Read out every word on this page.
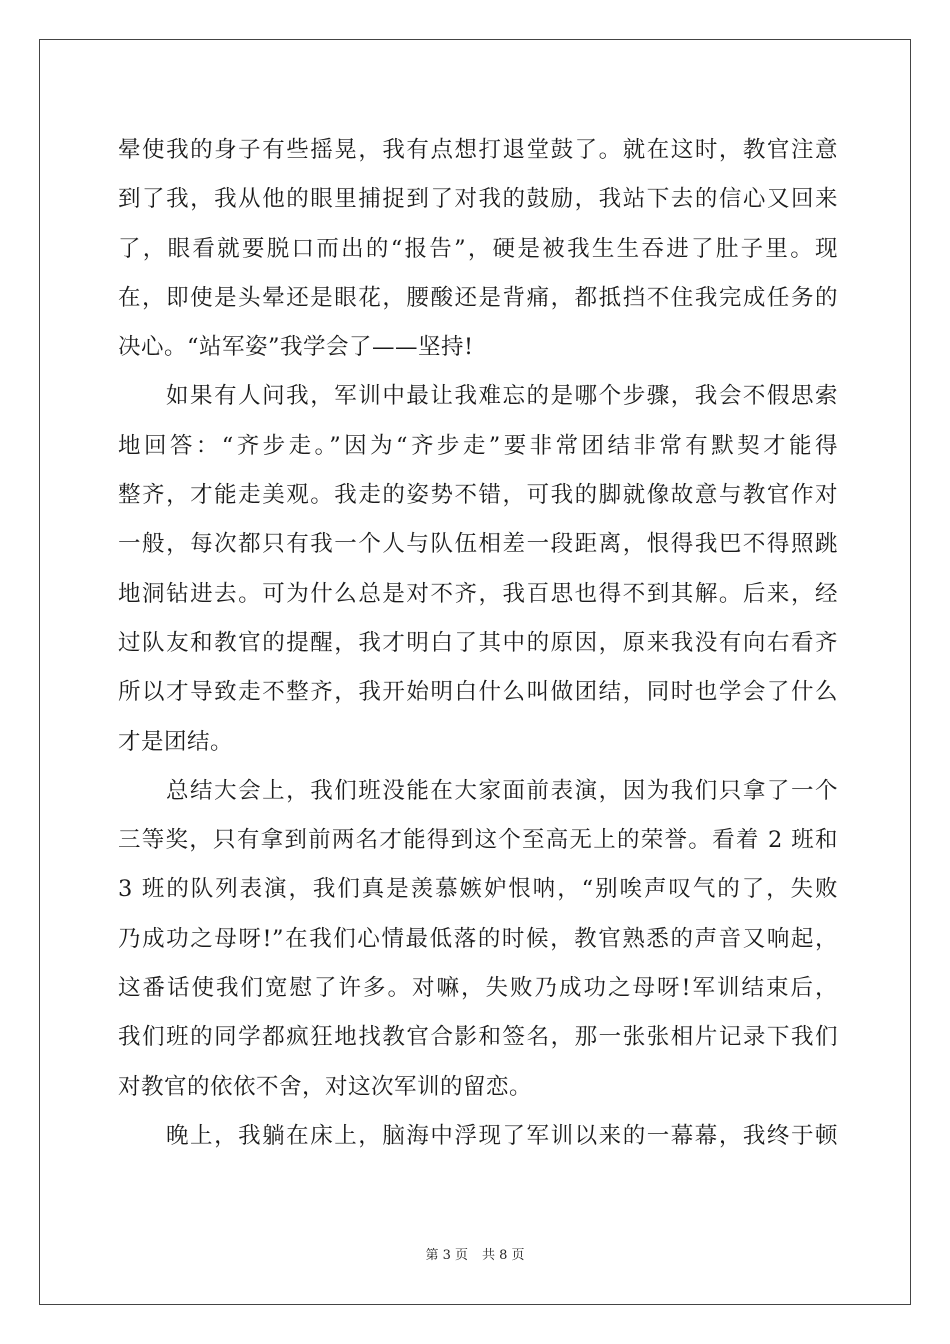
晕使我的身子有些摇晃，我有点想打退堂鼓了。就在这时，教官注意
到了我，我从他的眼里捕捉到了对我的鼓励，我站下去的信心又回来
了，眼看就要脱口而出的“报告”，硬是被我生生吞进了肚子里。现
在，即使是头晕还是眼花，腰酸还是背痛，都抵挡不住我完成任务的
决心。“站军姿”我学会了——坚持!
如果有人问我，军训中最让我难忘的是哪个步骤，我会不假思索
地回答：“齐步走。”因为“齐步走”要非常团结非常有默契才能得
整齐，才能走美观。我走的姿势不错，可我的脚就像故意与教官作对
一般，每次都只有我一个人与队伍相差一段距离，恨得我巴不得照跳
地洞钻进去。可为什么总是对不齐，我百思也得不到其解。后来，经
过队友和教官的提醒，我才明白了其中的原因，原来我没有向右看齐
所以才导致走不整齐，我开始明白什么叫做团结，同时也学会了什么
才是团结。
总结大会上，我们班没能在大家面前表演，因为我们只拿了一个
三等奖，只有拿到前两名才能得到这个至高无上的荣誉。看着 2 班和
3 班的队列表演，我们真是羡慕嫉妒恨呐，“别唉声叹气的了，失败
乃成功之母呀!”在我们心情最低落的时候，教官熟悉的声音又响起，
这番话使我们宽慰了许多。对嘛，失败乃成功之母呀!军训结束后，
我们班的同学都疯狂地找教官合影和签名，那一张张相片记录下我们
对教官的依依不舍，对这次军训的留恋。
晚上，我躺在床上，脑海中浮现了军训以来的一幕幕，我终于顿
第 3 页 共 8 页
